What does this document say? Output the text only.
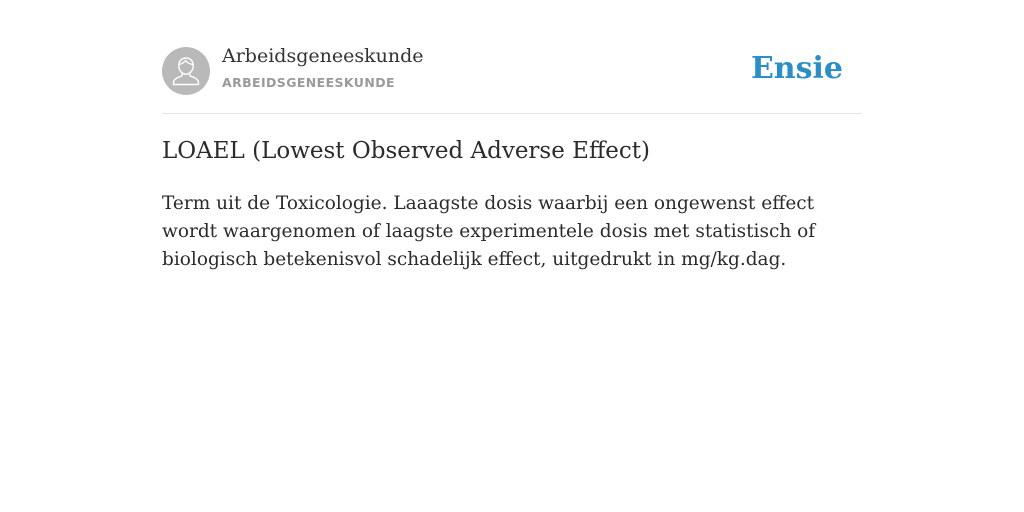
Arbeidsgeneeskunde
ARBEIDSGENEESKUNDE	Ensie
LOAEL (Lowest Observed Adverse Effect)

Term uit de Toxicologie. Laaagste dosis waarbij een ongewenst effect wordt waargenomen of laagste experimentele dosis met statistisch of biologisch betekenisvol schadelijk effect, uitgedrukt in mg/kg.dag.
